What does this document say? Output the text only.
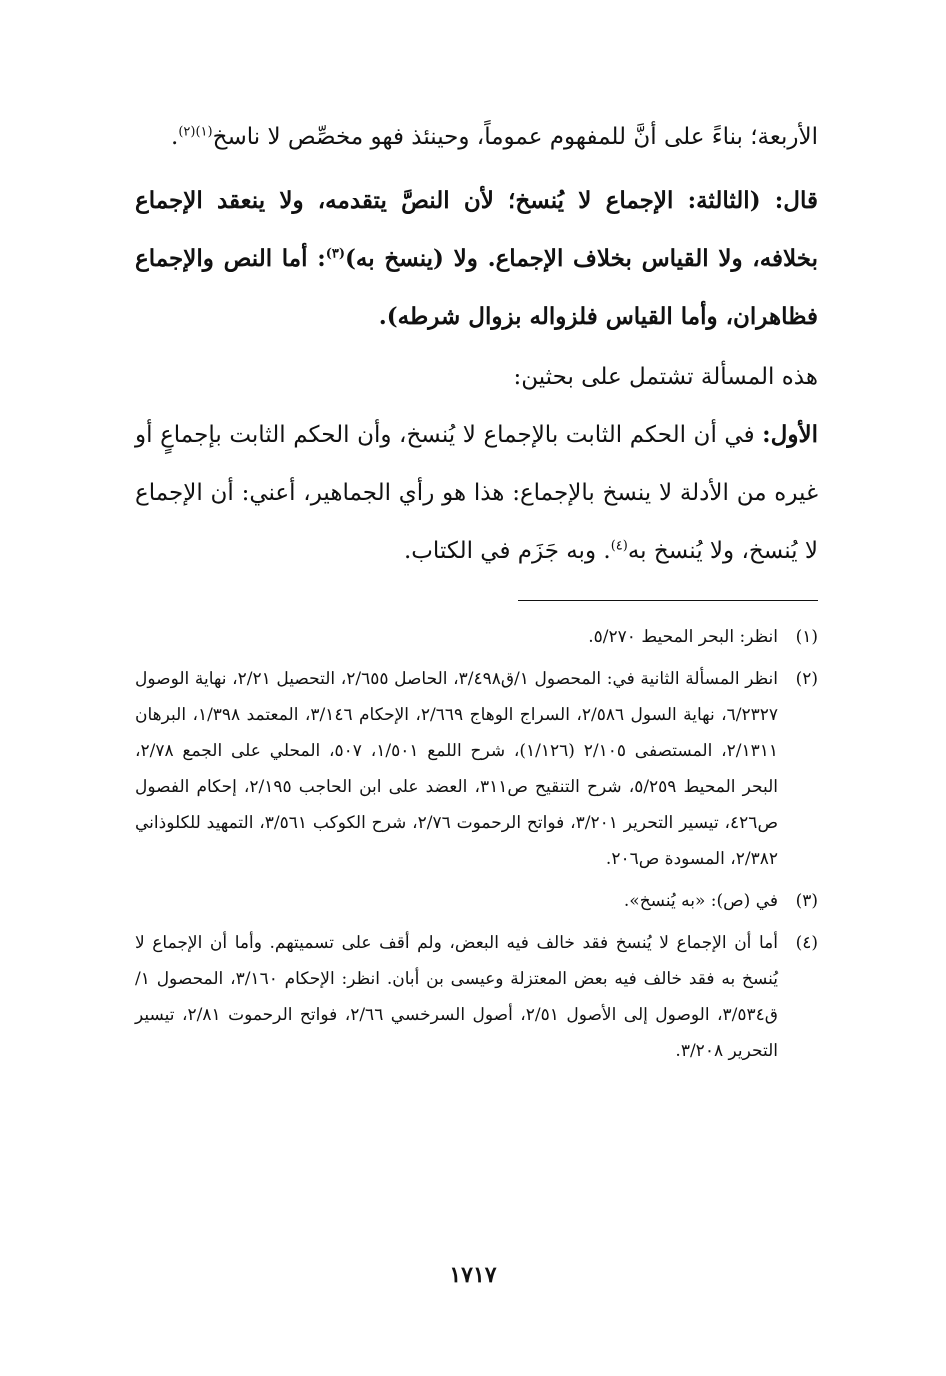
الأربعة؛ بناءً على أنَّ للمفهوم عموماً، وحينئذ فهو مخصِّص لا ناسخ$^{(١)(٢)}$.

قال: (الثالثة: الإجماع لا يُنسخ؛ لأن النصَّ يتقدمه، ولا ينعقد الإجماع بخلافه، ولا القياس بخلاف الإجماع. ولا (ينسخ به)$^{(٣)}$: أما النص والإجماع فظاهران، وأما القياس فلزواله بزوال شرطه).

هذه المسألة تشتمل على بحثين:

الأول: في أن الحكم الثابت بالإجماع لا يُنسخ، وأن الحكم الثابت بإجماعٍ أو غيره من الأدلة لا ينسخ بالإجماع: هذا هو رأي الجماهير، أعني: أن الإجماع لا يُنسخ، ولا يُنسخ به$^{(٤)}$. وبه جَزَم في الكتاب.

(١)
انظر: البحر المحيط ٥/٢٧٠.
(٢)
انظر المسألة الثانية في: المحصول ١/ق٣/٤٩٨، الحاصل ٢/٦٥٥، التحصيل ٢/٢١، نهاية الوصول ٦/٢٣٢٧، نهاية السول ٢/٥٨٦، السراج الوهاج ٢/٦٦٩، الإحكام ٣/١٤٦، المعتمد ١/٣٩٨، البرهان ٢/١٣١١، المستصفى ٢/١٠٥ (١/١٢٦)، شرح اللمع ١/٥٠١، ٥٠٧، المحلي على الجمع ٢/٧٨، البحر المحيط ٥/٢٥٩، شرح التنقيح ص٣١١، العضد على ابن الحاجب ٢/١٩٥، إحكام الفصول ص٤٢٦، تيسير التحرير ٣/٢٠١، فواتح الرحموت ٢/٧٦، شرح الكوكب ٣/٥٦١، التمهيد للكلوذاني ٢/٣٨٢، المسودة ص٢٠٦.
(٣)
في (ص): «به يُنسخ».
(٤)
أما أن الإجماع لا يُنسخ فقد خالف فيه البعض، ولم أقف على تسميتهم. وأما أن الإجماع لا يُنسخ به فقد خالف فيه بعض المعتزلة وعيسى بن أبان. انظر: الإحكام ٣/١٦٠، المحصول ١/ق٣/٥٣٤، الوصول إلى الأصول ٢/٥١، أصول السرخسي ٢/٦٦، فواتح الرحموت ٢/٨١، تيسير التحرير ٣/٢٠٨.
١٧١٧
